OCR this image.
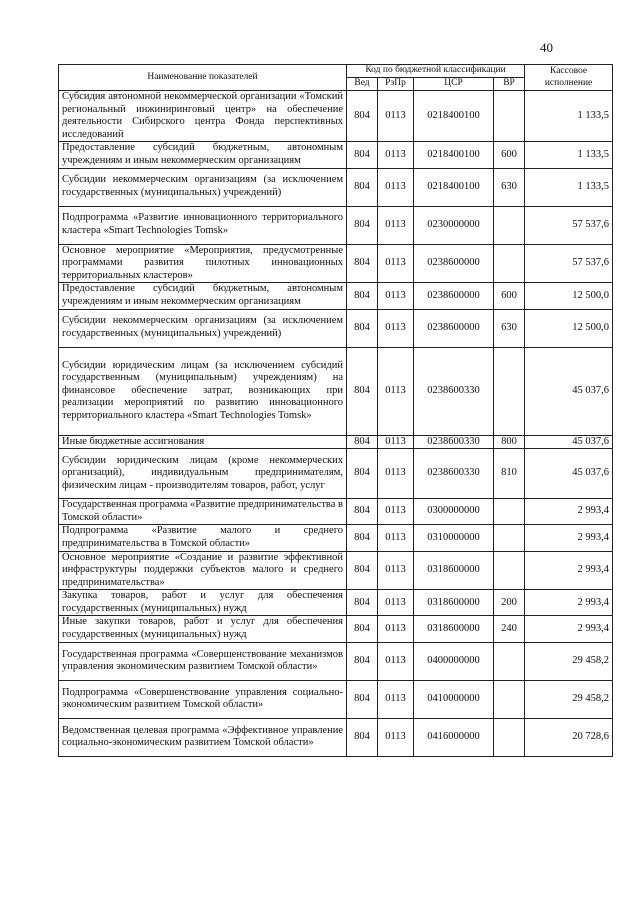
40
Наименование показателей	Код по бюджетной классификации				Кассовое исполнение
	Вед	РзПр	ЦСР	ВР	
Субсидия автономной некоммерческой организации «Томский региональный инжиниринговый центр» на обеспечение деятельности Сибирского центра Фонда перспективных исследований	804	0113	0218400100		1 133,5
Предоставление субсидий бюджетным, автономным учреждениям и иным некоммерческим организациям	804	0113	0218400100	600	1 133,5
Субсидии некоммерческим организациям (за исключением государственных (муниципальных) учреждений)	804	0113	0218400100	630	1 133,5
Подпрограмма «Развитие инновационного территориального кластера «Smart Technologies Tomsk»	804	0113	0230000000		57 537,6
Основное мероприятие «Мероприятия, предусмотренные программами развития пилотных инновационных территориальных кластеров»	804	0113	0238600000		57 537,6
Предоставление субсидий бюджетным, автономным учреждениям и иным некоммерческим организациям	804	0113	0238600000	600	12 500,0
Субсидии некоммерческим организациям (за исключением государственных (муниципальных) учреждений)	804	0113	0238600000	630	12 500,0
Субсидии юридическим лицам (за исключением субсидий государственным (муниципальным) учреждениям) на финансовое обеспечение затрат, возникающих при реализации мероприятий по развитию инновационного территориального кластера «Smart Technologies Tomsk»	804	0113	0238600330		45 037,6
Иные бюджетные ассигнования	804	0113	0238600330	800	45 037,6
Субсидии юридическим лицам (кроме некоммерческих организаций), индивидуальным предпринимателям, физическим лицам - производителям товаров, работ, услуг	804	0113	0238600330	810	45 037,6
Государственная программа «Развитие предпринимательства в Томской области»	804	0113	0300000000		2 993,4
Подпрограмма «Развитие малого и среднего предпринимательства в Томской области»	804	0113	0310000000		2 993,4
Основное мероприятие «Создание и развитие эффективной инфраструктуры поддержки субъектов малого и среднего предпринимательства»	804	0113	0318600000		2 993,4
Закупка товаров, работ и услуг для обеспечения государственных (муниципальных) нужд	804	0113	0318600000	200	2 993,4
Иные закупки товаров, работ и услуг для обеспечения государственных (муниципальных) нужд	804	0113	0318600000	240	2 993,4
Государственная программа «Совершенствование механизмов управления экономическим развитием Томской области»	804	0113	0400000000		29 458,2
Подпрограмма «Совершенствование управления социально-экономическим развитием Томской области»	804	0113	0410000000		29 458,2
Ведомственная целевая программа «Эффективное управление социально-экономическим развитием Томской области»	804	0113	0416000000		20 728,6
